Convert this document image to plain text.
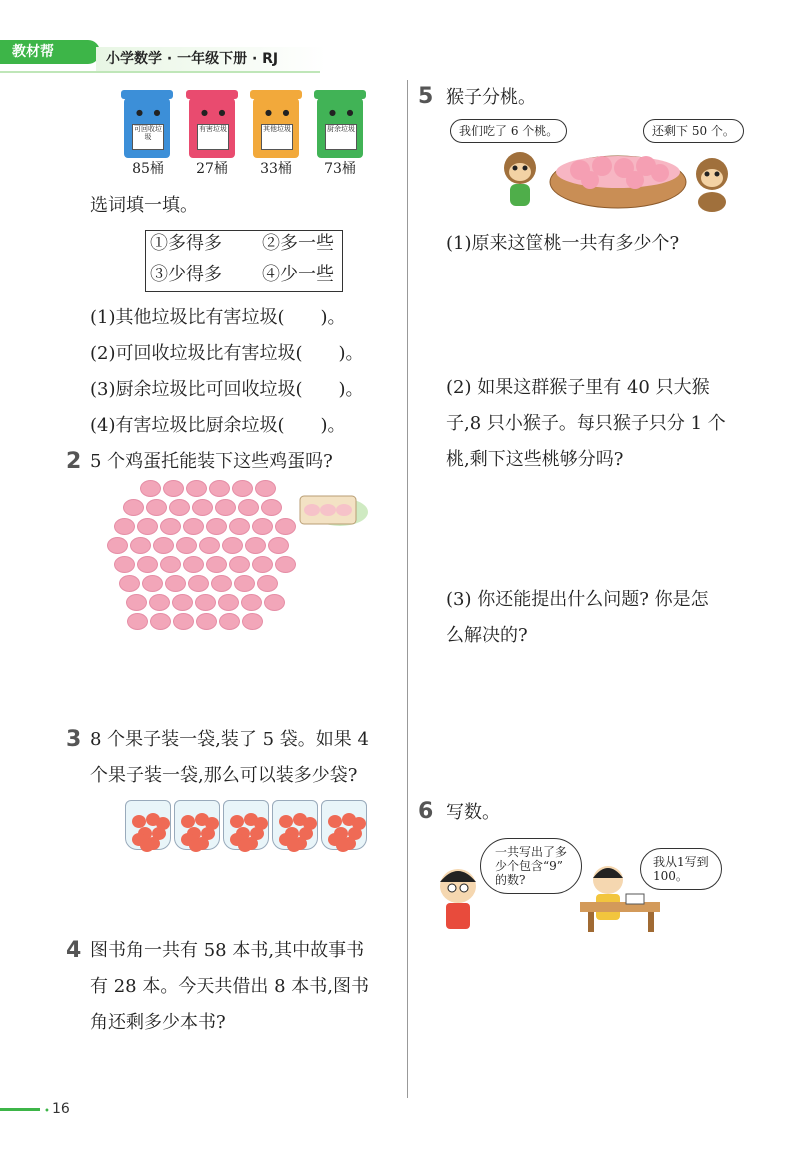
教材帮	小学数学 · 一年级下册 · RJ
● ●
可回收垃圾
● ●
有害垃圾
● ●
其他垃圾
● ●
厨余垃圾
85桶	27桶	33桶	73桶
选词填一填。
①多得多 ②多一些
③少得多 ④少一些
(1)其他垃圾比有害垃圾(　　)。
(2)可回收垃圾比有害垃圾(　　)。
(3)厨余垃圾比可回收垃圾(　　)。
(4)有害垃圾比厨余垃圾(　　)。
2 5 个鸡蛋托能装下这些鸡蛋吗?
3 8 个果子装一袋,装了 5 袋。如果 4
个果子装一袋,那么可以装多少袋?
4 图书角一共有 58 本书,其中故事书
有 28 本。今天共借出 8 本书,图书
角还剩多少本书?
5 猴子分桃。
我们吃了 6 个桃。	还剩下 50 个。
(1)原来这筐桃一共有多少个?
(2) 如果这群猴子里有 40 只大猴
子,8 只小猴子。每只猴子只分 1 个
桃,剩下这些桃够分吗?
(3) 你还能提出什么问题? 你是怎
么解决的?
6 写数。
一共写出了多
少个包含“9”
的数?
我从1写到
100。
• 16
